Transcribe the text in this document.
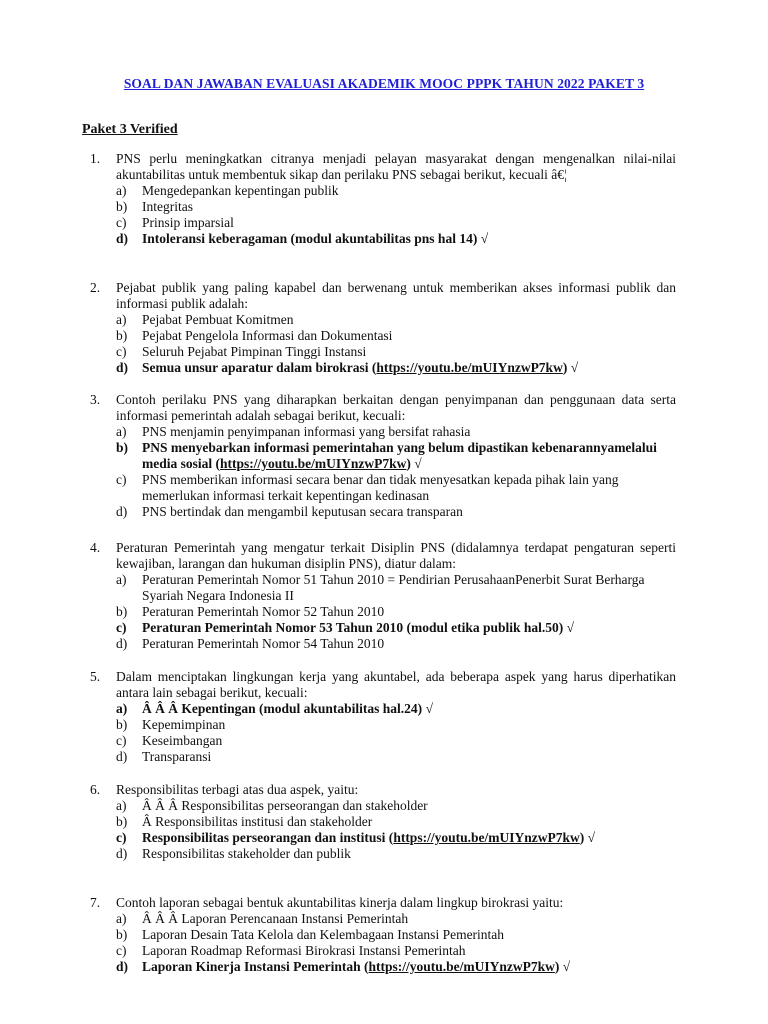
SOAL DAN JAWABAN EVALUASI AKADEMIK MOOC PPPK TAHUN 2022 PAKET 3
Paket 3 Verified
1. PNS perlu meningkatkan citranya menjadi pelayan masyarakat dengan mengenalkan nilai-nilai akuntabilitas untuk membentuk sikap dan perilaku PNS sebagai berikut, kecuali â€¦
a) Mengedepankan kepentingan publik
b) Integritas
c) Prinsip imparsial
d) Intoleransi keberagaman (modul akuntabilitas pns hal 14) √
2. Pejabat publik yang paling kapabel dan berwenang untuk memberikan akses informasi publik dan informasi publik adalah:
a) Pejabat Pembuat Komitmen
b) Pejabat Pengelola Informasi dan Dokumentasi
c) Seluruh Pejabat Pimpinan Tinggi Instansi
d) Semua unsur aparatur dalam birokrasi (https://youtu.be/mUIYnzwP7kw) √
3. Contoh perilaku PNS yang diharapkan berkaitan dengan penyimpanan dan penggunaan data serta informasi pemerintah adalah sebagai berikut, kecuali:
a) PNS menjamin penyimpanan informasi yang bersifat rahasia
b) PNS menyebarkan informasi pemerintahan yang belum dipastikan kebenarannyamelalui media sosial (https://youtu.be/mUIYnzwP7kw) √
c) PNS memberikan informasi secara benar dan tidak menyesatkan kepada pihak lain yang memerlukan informasi terkait kepentingan kedinasan
d) PNS bertindak dan mengambil keputusan secara transparan
4. Peraturan Pemerintah yang mengatur terkait Disiplin PNS (didalamnya terdapat pengaturan seperti kewajiban, larangan dan hukuman disiplin PNS), diatur dalam:
a) Peraturan Pemerintah Nomor 51 Tahun 2010 = Pendirian PerusahaanPenerbit Surat Berharga Syariah Negara Indonesia II
b) Peraturan Pemerintah Nomor 52 Tahun 2010
c) Peraturan Pemerintah Nomor 53 Tahun 2010 (modul etika publik hal.50) √
d) Peraturan Pemerintah Nomor 54 Tahun 2010
5. Dalam menciptakan lingkungan kerja yang akuntabel, ada beberapa aspek yang harus diperhatikan antara lain sebagai berikut, kecuali:
a) Â Â Â Kepentingan (modul akuntabilitas hal.24) √
b) Kepemimpinan
c) Keseimbangan
d) Transparansi
6. Responsibilitas terbagi atas dua aspek, yaitu:
a) Â Â Â Responsibilitas perseorangan dan stakeholder
b) Â Responsibilitas institusi dan stakeholder
c) Responsibilitas perseorangan dan institusi (https://youtu.be/mUIYnzwP7kw) √
d) Responsibilitas stakeholder dan publik
7. Contoh laporan sebagai bentuk akuntabilitas kinerja dalam lingkup birokrasi yaitu:
a) Â Â Â Laporan Perencanaan Instansi Pemerintah
b) Laporan Desain Tata Kelola dan Kelembagaan Instansi Pemerintah
c) Laporan Roadmap Reformasi Birokrasi Instansi Pemerintah
d) Laporan Kinerja Instansi Pemerintah (https://youtu.be/mUIYnzwP7kw) √
